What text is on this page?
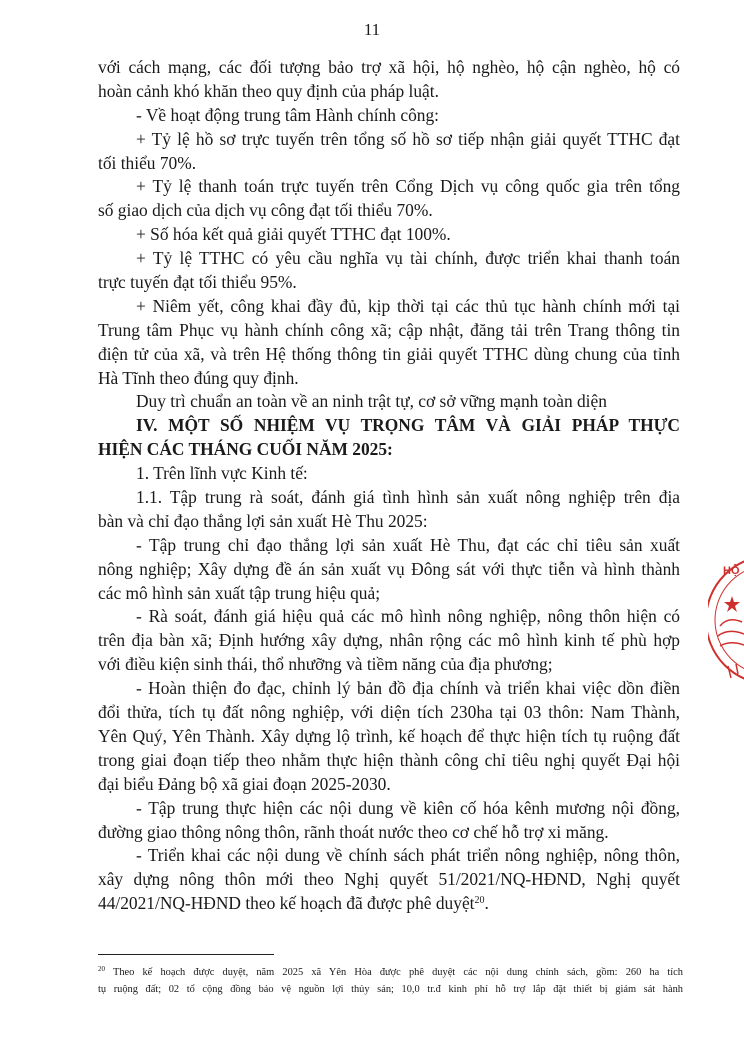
11
với cách mạng, các đối tượng bảo trợ xã hội, hộ nghèo, hộ cận nghèo, hộ có
hoàn cảnh khó khăn theo quy định của pháp luật.
- Về hoạt động trung tâm Hành chính công:
+ Tỷ lệ hồ sơ trực tuyến trên tổng số hồ sơ tiếp nhận giải quyết TTHC đạt
tối thiểu 70%.
+ Tỷ lệ thanh toán trực tuyến trên Cổng Dịch vụ công quốc gia trên tổng
số giao dịch của dịch vụ công đạt tối thiểu 70%.
+ Số hóa kết quả giải quyết TTHC đạt 100%.
+ Tỷ lệ TTHC có yêu cầu nghĩa vụ tài chính, được triển khai thanh toán
trực tuyến đạt tối thiểu 95%.
+ Niêm yết, công khai đầy đủ, kịp thời tại các thủ tục hành chính mới tại
Trung tâm Phục vụ hành chính công xã; cập nhật, đăng tải trên Trang thông tin
điện tử của xã, và trên Hệ thống thông tin giải quyết TTHC dùng chung của tỉnh
Hà Tĩnh theo đúng quy định.
Duy trì chuẩn an toàn về an ninh trật tự, cơ sở vững mạnh toàn diện
IV. MỘT SỐ NHIỆM VỤ TRỌNG TÂM VÀ GIẢI PHÁP THỰC
HIỆN CÁC THÁNG CUỐI NĂM 2025:
1. Trên lĩnh vực Kinh tế:
1.1. Tập trung rà soát, đánh giá tình hình sản xuất nông nghiệp trên địa
bàn và chỉ đạo thắng lợi sản xuất Hè Thu 2025:
- Tập trung chỉ đạo thắng lợi sản xuất Hè Thu, đạt các chỉ tiêu sản xuất
nông nghiệp; Xây dựng đề án sản xuất vụ Đông sát với thực tiễn và hình thành
các mô hình sản xuất tập trung hiệu quả;
- Rà soát, đánh giá hiệu quả các mô hình nông nghiệp, nông thôn hiện có
trên địa bàn xã; Định hướng xây dựng, nhân rộng các mô hình kinh tế phù hợp
với điều kiện sinh thái, thổ nhưỡng và tiềm năng của địa phương;
- Hoàn thiện đo đạc, chỉnh lý bản đồ địa chính và triển khai việc dồn điền
đổi thửa, tích tụ đất nông nghiệp, với diện tích 230ha tại 03 thôn: Nam Thành,
Yên Quý, Yên Thành. Xây dựng lộ trình, kế hoạch để thực hiện tích tụ ruộng đất
trong giai đoạn tiếp theo nhằm thực hiện thành công chỉ tiêu nghị quyết Đại hội
đại biểu Đảng bộ xã giai đoạn 2025-2030.
- Tập trung thực hiện các nội dung về kiên cố hóa kênh mương nội đồng,
đường giao thông nông thôn, rãnh thoát nước theo cơ chế hỗ trợ xi măng.
- Triển khai các nội dung về chính sách phát triển nông nghiệp, nông thôn,
xây dựng nông thôn mới theo Nghị quyết 51/2021/NQ-HĐND, Nghị quyết
44/2021/NQ-HĐND theo kế hoạch đã được phê duyệt$^{20}$.
$^{20}$ Theo kế hoạch được duyệt, năm 2025 xã Yên Hòa được phê duyệt các nội dung chính sách, gồm: 260 ha tích
tụ ruộng đất; 02 tổ cộng đồng bảo vệ nguồn lợi thủy sản; 10,0 tr.đ kinh phí hỗ trợ lắp đặt thiết bị giám sát hành
HỘ
